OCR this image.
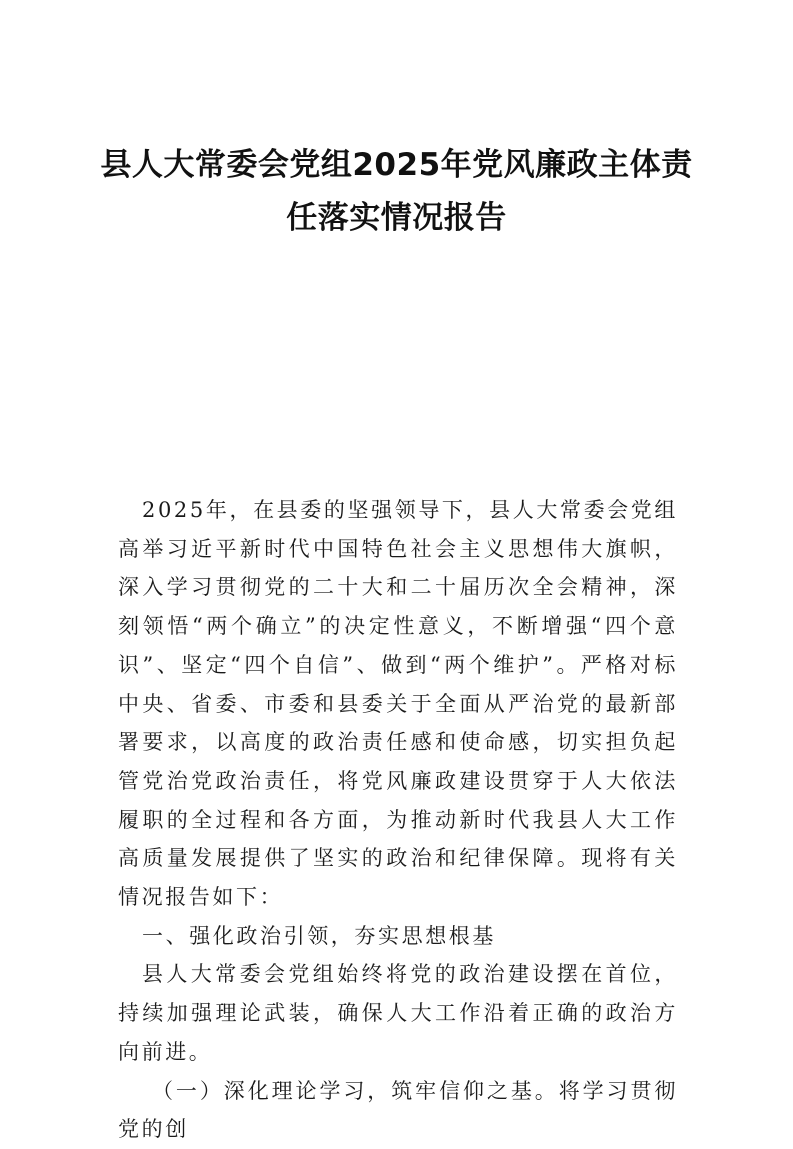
县人大常委会党组2025年党风廉政主体责
任落实情况报告

2025年，在县委的坚强领导下，县人大常委会党组高举习近平新时代中国特色社会主义思想伟大旗帜，深入学习贯彻党的二十大和二十届历次全会精神，深刻领悟“两个确立”的决定性意义，不断增强“四个意识”、坚定“四个自信”、做到“两个维护”。严格对标中央、省委、市委和县委关于全面从严治党的最新部署要求，以高度的政治责任感和使命感，切实担负起管党治党政治责任，将党风廉政建设贯穿于人大依法履职的全过程和各方面，为推动新时代我县人大工作高质量发展提供了坚实的政治和纪律保障。现将有关情况报告如下：

一、强化政治引领，夯实思想根基

县人大常委会党组始终将党的政治建设摆在首位，持续加强理论武装，确保人大工作沿着正确的政治方向前进。

（一）深化理论学习，筑牢信仰之基。将学习贯彻党的创
